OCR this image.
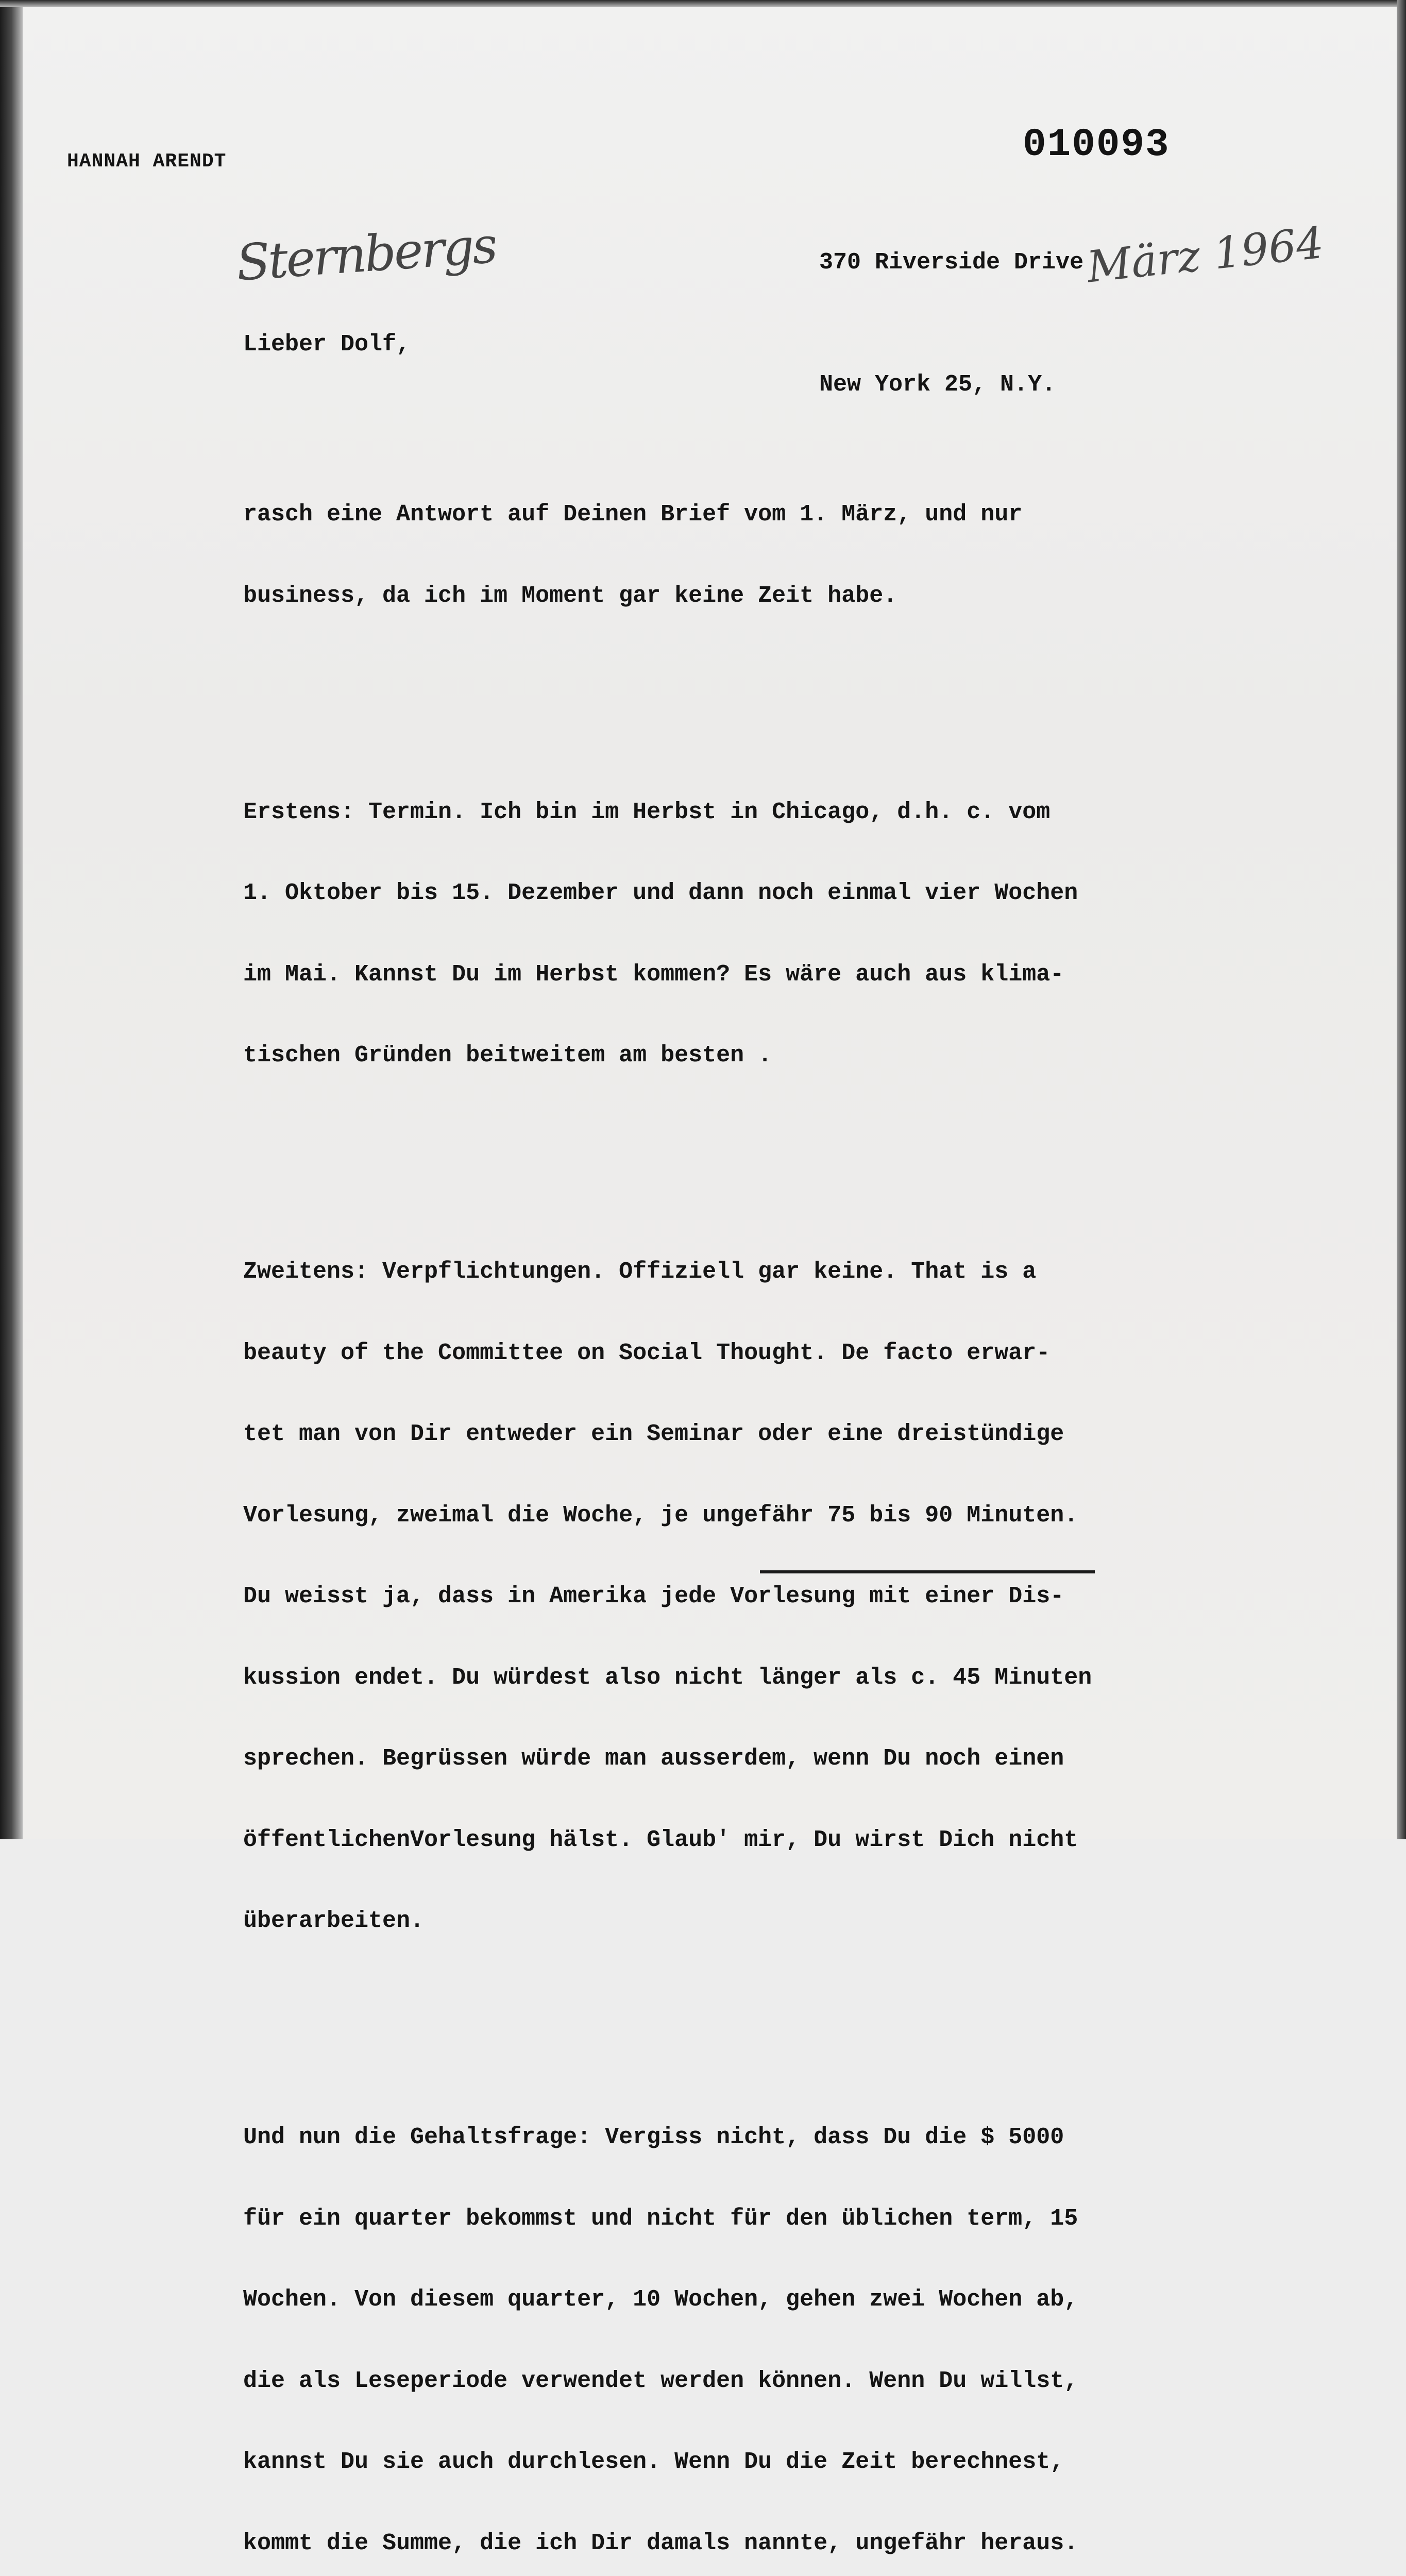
HANNAH ARENDT	010093

370 Riverside Drive

New York 25, N.Y.

Sternbergs	März 1964
Lieber Dolf,

rasch eine Antwort auf Deinen Brief vom 1. März, und nur

business, da ich im Moment gar keine Zeit habe.

Erstens: Termin. Ich bin im Herbst in Chicago, d.h. c. vom

1. Oktober bis 15. Dezember und dann noch einmal vier Wochen

im Mai. Kannst Du im Herbst kommen? Es wäre auch aus klima-

tischen Gründen beitweitem am besten .

Zweitens: Verpflichtungen. Offiziell gar keine. That is a

beauty of the Committee on Social Thought. De facto erwar-

tet man von Dir entweder ein Seminar oder eine dreistündige

Vorlesung, zweimal die Woche, je ungefähr 75 bis 90 Minuten.

Du weisst ja, dass in Amerika jede Vorlesung mit einer Dis-

kussion endet. Du würdest also nicht länger als c. 45 Minuten

sprechen. Begrüssen würde man ausserdem, wenn Du noch einen

öffentlichenVorlesung hälst. Glaub' mir, Du wirst Dich nicht

überarbeiten.

Und nun die Gehaltsfrage: Vergiss nicht, dass Du die $ 5000

für ein quarter bekommst und nicht für den üblichen term, 15

Wochen. Von diesem quarter, 10 Wochen, gehen zwei Wochen ab,

die als Leseperiode verwendet werden können. Wenn Du willst,

kannst Du sie auch durchlesen. Wenn Du die Zeit berechnest,

kommt die Summe, die ich Dir damals nannte, ungefähr heraus.
